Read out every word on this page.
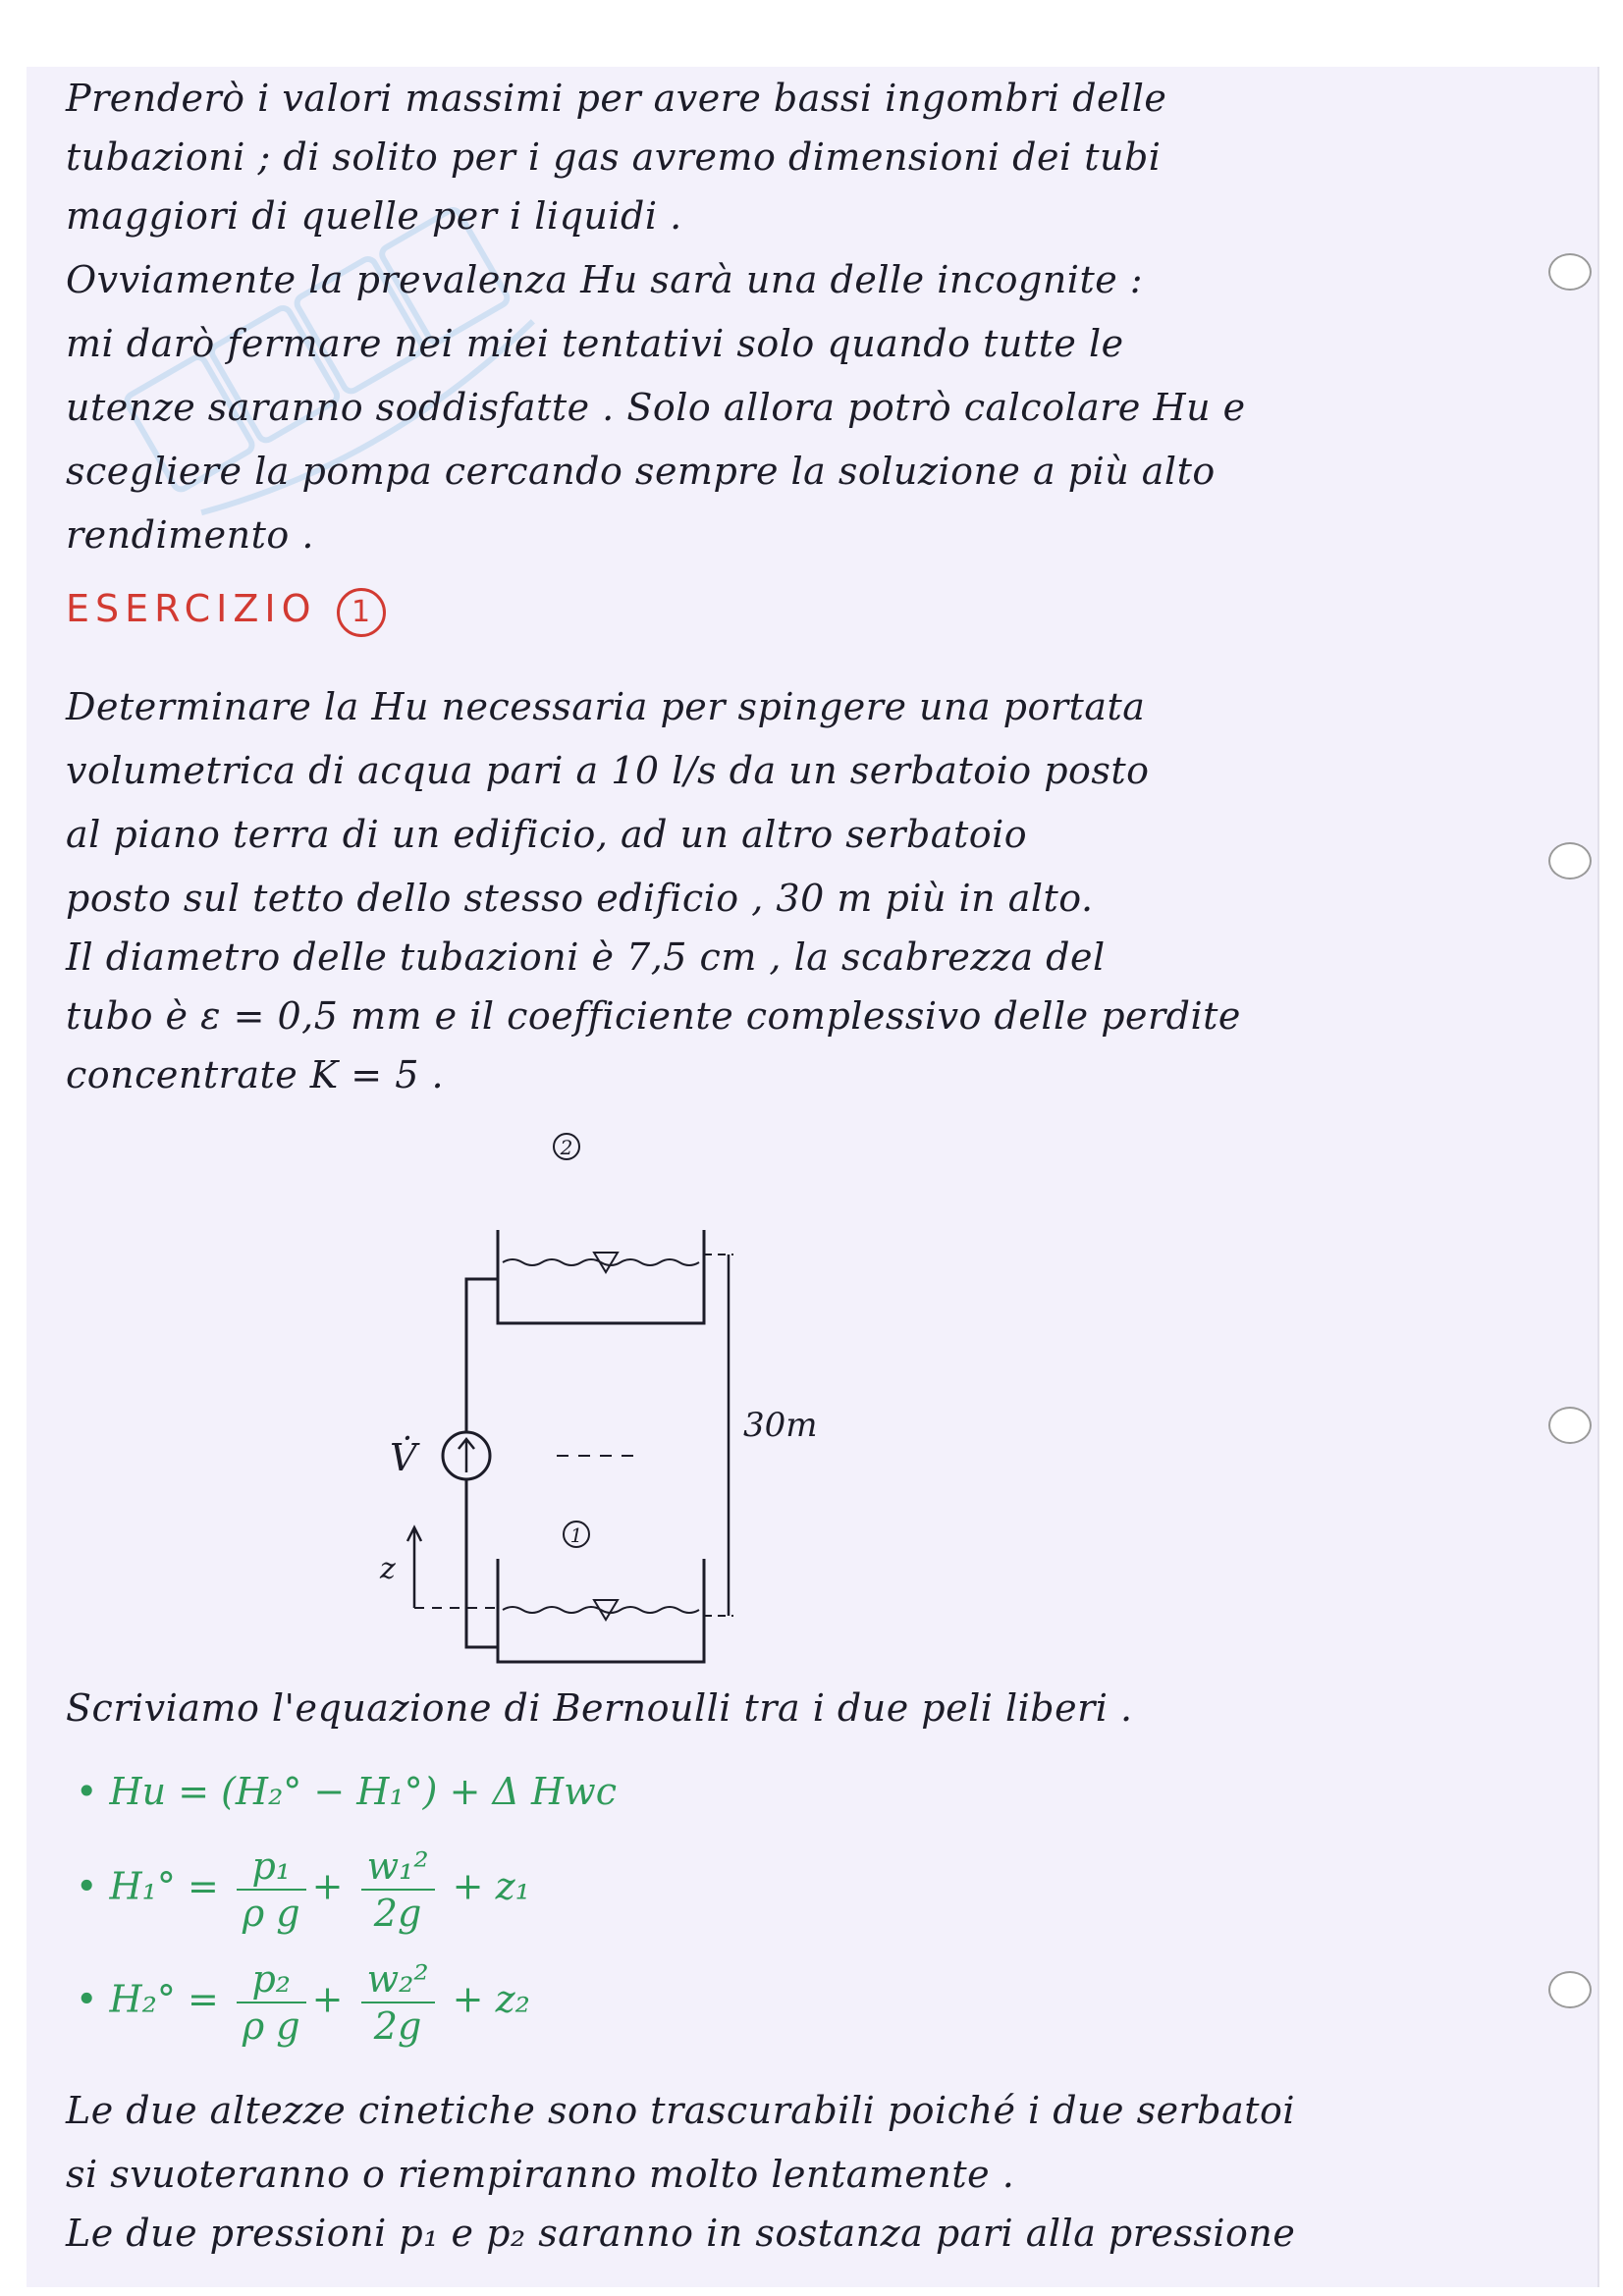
Prenderò i valori massimi per avere bassi ingombri delle
tubazioni ; di solito per i gas avremo dimensioni dei tubi
maggiori di quelle per i liquidi .
Ovviamente la prevalenza Hu sarà una delle incognite :
mi darò fermare nei miei tentativi solo quando tutte le
utenze saranno soddisfatte . Solo allora potrò calcolare Hu e
scegliere la pompa cercando sempre la soluzione a più alto
rendimento .
ESERCIZIO 1
Determinare la Hu necessaria per spingere una portata
volumetrica di acqua pari a 10 l/s da un serbatoio posto
al piano terra di un edificio, ad un altro serbatoio
posto sul tetto dello stesso edificio , 30 m più in alto.
Il diametro delle tubazioni è 7,5 cm , la scabrezza del
tubo è ε = 0,5 mm e il coefficiente complessivo delle perdite
concentrate K = 5 .
2
1
30m
V̇
z
Scriviamo l'equazione di Bernoulli tra i due peli liberi .
• Hu = (H₂° − H₁°) + Δ Hwc
• $H_1^\circ = \frac{\text{p₁}}{\text{ρ g}} + \frac{\text{w₁²}}{2g} + z_1$
• $H_2^\circ = \frac{\text{p₂}}{\text{ρ g}} + \frac{\text{w₂²}}{2g} + z_2$
Le due altezze cinetiche sono trascurabili poiché i due serbatoi
si svuoteranno o riempiranno molto lentamente .
Le due pressioni p₁ e p₂ saranno in sostanza pari alla pressione
